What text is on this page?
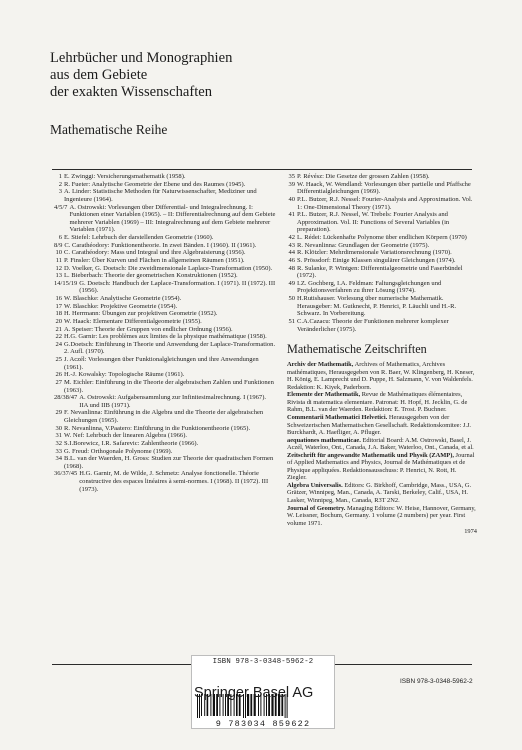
Lehrbücher und Monographien
aus dem Gebiete
der exakten Wissenschaften
Mathematische Reihe
1 E. Zwinggi: Versicherungsmathematik (1958).
2 R. Fueter: Analytische Geometrie der Ebene und des Raumes (1945).
3 A. Linder: Statistische Methoden für Naturwissenschafter, Mediziner und Ingenieure (1964).
4/5/7 A. Ostrowski: Vorlesungen über Differential- und Integralrechnung. I: Funktionen einer Variablen (1965). – II: Differentialrechnung auf dem Gebiete mehrerer Variablen (1969) – III: Integralrechnung auf dem Gebiete mehrerer Variablen (1971).
6 E. Stiefel: Lehrbuch der darstellenden Geometrie (1960).
8/9 C. Carathéodory: Funktionentheorie. In zwei Bänden. I (1960). II (1961).
10 C. Carathéodory: Mass und Integral und ihre Algebraisierung (1956).
11 P. Finsler: Über Kurven und Flächen in allgemeinen Räumen (1951).
12 D. Voelker, G. Doetsch: Die zweidimensionale Laplace-Transformation (1950).
13 L. Bieberbach: Theorie der geometrischen Konstruktionen (1952).
14/15/19 G. Doetsch: Handbuch der Laplace-Transformation. I (1971). II (1972). III (1956).
16 W. Blaschke: Analytische Geometrie (1954).
17 W. Blaschke: Projektive Geometrie (1954).
18 H. Herrmann: Übungen zur projektiven Geometrie (1952).
20 W. Haack: Elementare Differentialgeometrie (1955).
21 A. Speiser: Theorie der Gruppen von endlicher Ordnung (1956).
22 H.G. Garnir: Les problèmes aux limites de la physique mathématique (1958).
24 G.Doetsch: Einführung in Theorie und Anwendung der Laplace-Transformation. 2. Aufl. (1970).
25 J. Aczél: Vorlesungen über Funktionalgleichungen und ihre Anwendungen (1961).
26 H.-J. Kowalsky: Topologische Räume (1961).
27 M. Eichler: Einführung in die Theorie der algebraischen Zahlen und Funktionen (1963).
28/38/47 A. Ostrowski: Aufgabensammlung zur Infinitesimalrechnung. I (1967). IIA und IIB (1971).
29 F. Nevanlinna: Einführung in die Algebra und die Theorie der algebraischen Gleichungen (1965).
30 R. Nevanlinna, V.Paatero: Einführung in die Funktionentheorie (1965).
31 W. Nef: Lehrbuch der linearen Algebra (1966).
32 S.I.Borewicz, I.R. Safarevic: Zahlentheorie (1966).
33 G. Freud: Orthogonale Polynome (1969).
34 B.L. van der Waerden, H. Gross: Studien zur Theorie der quadratischen Formen (1968).
36/37/45 H.G. Garnir, M. de Wilde, J. Schmetz: Analyse fonctionelle. Théorie constructive des espaces linéaires à semi-normes. I (1968). II (1972). III (1973).
35 P. Révész: Die Gesetze der grossen Zahlen (1958).
39 W. Haack, W. Wendland: Vorlesungen über partielle und Pfaffsche Differentialgleichungen (1969).
40 P.L. Butzer, R.J. Nessel: Fourier-Analysis and Approximation. Vol. 1: One-Dimensional Theory (1971).
41 P.L. Butzer, R.J. Nessel, W. Trebels: Fourier Analysis and Approximation. Vol. II: Functions of Several Variables (in preparation).
42 L. Rédei: Lückenhafte Polynome über endlichen Körpern (1970)
43 R. Nevanlinna: Grundlagen der Geometrie (1975).
44 R. Klötzler: Mehrdimensionale Variationsrechnung (1970).
46 S. Prössdorf: Einige Klassen singulärer Gleichungen (1974).
48 R. Sulanke, P. Wintgen: Differentialgeometrie und Faserbündel (1972).
49 I.Z. Gochberg, I.A. Feldman: Faltungsgleichungen und Projektionsverfahren zu ihrer Lösung (1974).
50 H.Rutishauser. Vorlesung über numerische Mathematik. Herausgeber: M. Gutknecht, P. Henrici, P. Läuchli und H.-R. Schwarz. In Vorbereitung.
51 C.A.Cazacu: Theorie der Funktionen mehrerer komplexer Veränderlicher (1975).
Mathematische Zeitschriften
Archiv der Mathematik, Archives of Mathematics, Archives mathématiques, Herausgegeben von R. Baer, W. Klingenberg, H. Kneser, H. König, E. Lamprecht und D. Puppe, H. Salzmann, V. von Waldenfels. Redaktion: K. Kiyek, Paderborn.
Elemente der Mathematik, Revue de Mathématiques élémentaires, Rivista di matematica elementare. Patronat: H. Hopf, H. Jecklin, G. de Rahm, B.L. van der Waerden. Redaktion: E. Trost. P. Buchner.
Commentarii Mathematici Helvetici. Herausgegeben von der Schweizerischen Mathematischen Gesellschaft. Redaktionskomitee: J.J. Burckhardt, A. Haefliger, A. Pfluger.
aequationes mathematicae. Editorial Board: A.M. Ostrowski, Basel, J. Aczél, Waterloo, Ont., Canada, J.A. Baker, Waterloo, Ont., Canada, et al.
Zeitschrift für angewandte Mathematik und Physik (ZAMP), Journal of Applied Mathematics and Physics, Journal de Mathématiques et de Physique appliquées. Redaktionsausschuss: P. Henrici, N. Rott, H. Ziegler.
Algebra Universalis. Editors: G. Birkhoff, Cambridge, Mass., USA, G. Grätzer, Winnipeg, Man., Canada, A. Tarski, Berkeley, Calif., USA, H. Lasker, Winnipeg, Man., Canada, R3T 2N2.
Journal of Geometry. Managing Editors: W. Heise, Hannover, Germany, W. Leissner, Bochum, Germany. 1 volume (2 numbers) per year. First volume 1971.
1974
ISBN 978-3-0348-5962-2
ISBN 978-3-0348-5962-2
9 783034 859622
Springer Basel AG
